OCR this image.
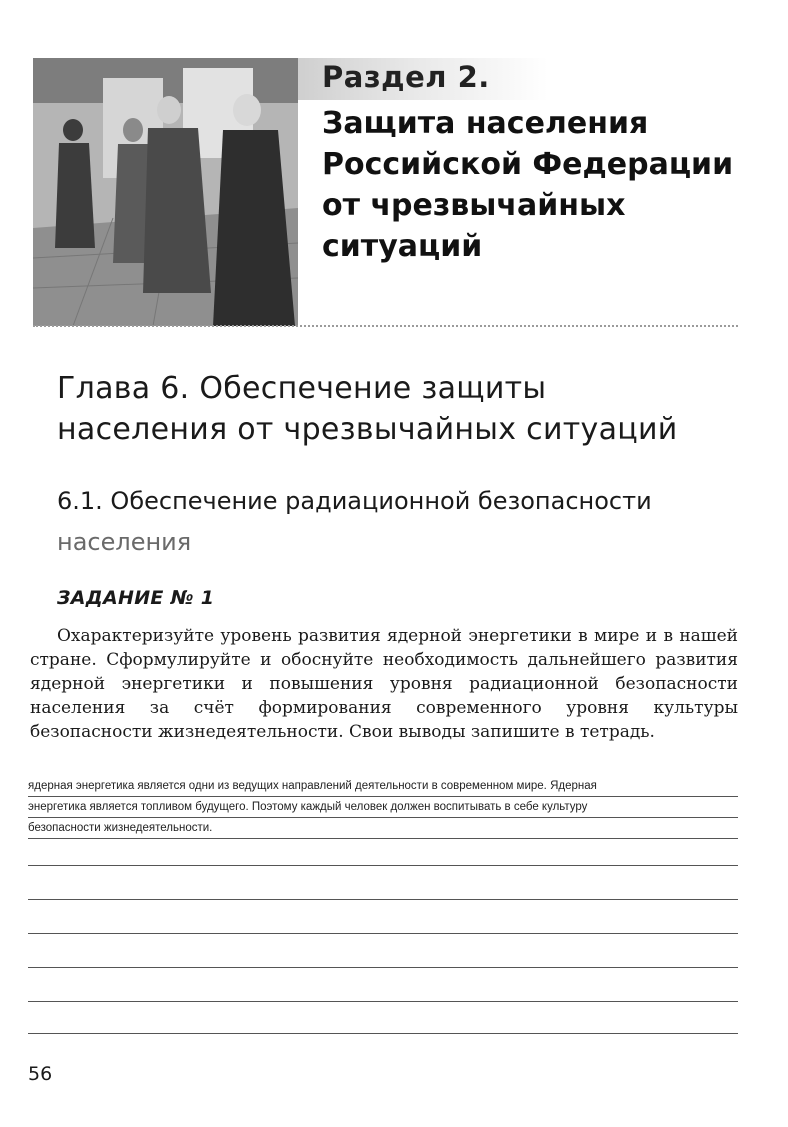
Раздел 2.
Защита населения
Российской Федерации
от чрезвычайных
ситуаций
Глава 6. Обеспечение защиты
населения от чрезвычайных ситуаций
6.1. Обеспечение радиационной безопасности
населения
ЗАДАНИЕ № 1
Охарактеризуйте уровень развития ядерной энергетики в мире и в нашей стране. Сформулируйте и обоснуйте необходимость дальнейшего развития ядерной энергетики и повышения уровня радиационной безопасности населения за счёт формирования современного уровня культуры безопасности жизнедеятельности. Свои выводы запишите в тетрадь.
ядерная энергетика является одни из ведущих направлений деятельности в современном мире. Ядерная
энергетика является топливом будущего. Поэтому каждый человек должен воспитывать в себе культуру
безопасности жизнедеятельности.
56
